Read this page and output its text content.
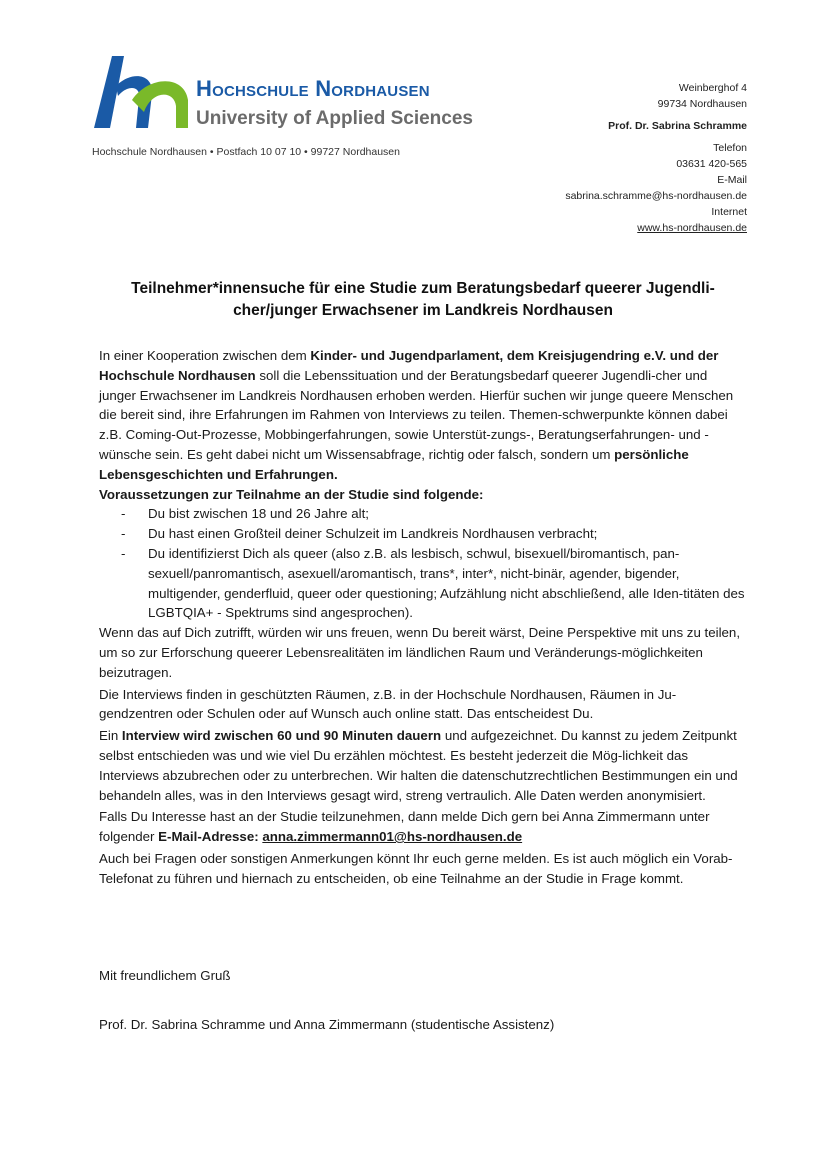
Hochschule Nordhausen
University of Applied Sciences
Hochschule Nordhausen • Postfach 10 07 10 • 99727 Nordhausen
Weinberghof 4
99734 Nordhausen
Prof. Dr. Sabrina Schramme
Telefon
03631 420-565
E-Mail
sabrina.schramme@hs-nordhausen.de
Internet
www.hs-nordhausen.de
Teilnehmer*innensuche für eine Studie zum Beratungsbedarf queerer Jugendli-
cher/junger Erwachsener im Landkreis Nordhausen

In einer Kooperation zwischen dem Kinder- und Jugendparlament, dem Kreisjugendring e.V. und der Hochschule Nordhausen soll die Lebenssituation und der Beratungsbedarf queerer Jugendli-cher und junger Erwachsener im Landkreis Nordhausen erhoben werden. Hierfür suchen wir junge queere Menschen die bereit sind, ihre Erfahrungen im Rahmen von Interviews zu teilen. Themen-schwerpunkte können dabei z.B. Coming-Out-Prozesse, Mobbingerfahrungen, sowie Unterstüt-zungs-, Beratungserfahrungen- und -wünsche sein. Es geht dabei nicht um Wissensabfrage, richtig oder falsch, sondern um persönliche Lebensgeschichten und Erfahrungen.

Voraussetzungen zur Teilnahme an der Studie sind folgende:

- Du bist zwischen 18 und 26 Jahre alt;
- Du hast einen Großteil deiner Schulzeit im Landkreis Nordhausen verbracht;
- Du identifizierst Dich als queer (also z.B. als lesbisch, schwul, bisexuell/biromantisch, pan-sexuell/panromantisch, asexuell/aromantisch, trans*, inter*, nicht-binär, agender, bigender, multigender, genderfluid, queer oder questioning; Aufzählung nicht abschließend, alle Iden-titäten des LGBTQIA+ - Spektrums sind angesprochen).

Wenn das auf Dich zutrifft, würden wir uns freuen, wenn Du bereit wärst, Deine Perspektive mit uns zu teilen, um so zur Erforschung queerer Lebensrealitäten im ländlichen Raum und Veränderungs-möglichkeiten beizutragen.

Die Interviews finden in geschützten Räumen, z.B. in der Hochschule Nordhausen, Räumen in Ju-gendzentren oder Schulen oder auf Wunsch auch online statt. Das entscheidest Du.

Ein Interview wird zwischen 60 und 90 Minuten dauern und aufgezeichnet. Du kannst zu jedem Zeitpunkt selbst entschieden was und wie viel Du erzählen möchtest. Es besteht jederzeit die Mög-lichkeit das Interviews abzubrechen oder zu unterbrechen. Wir halten die datenschutzrechtlichen Bestimmungen ein und behandeln alles, was in den Interviews gesagt wird, streng vertraulich. Alle Daten werden anonymisiert.

Falls Du Interesse hast an der Studie teilzunehmen, dann melde Dich gern bei Anna Zimmermann unter folgender E-Mail-Adresse: anna.zimmermann01@hs-nordhausen.de

Auch bei Fragen oder sonstigen Anmerkungen könnt Ihr euch gerne melden. Es ist auch möglich ein Vorab-Telefonat zu führen und hiernach zu entscheiden, ob eine Teilnahme an der Studie in Frage kommt.

Mit freundlichem Gruß
Prof. Dr. Sabrina Schramme und Anna Zimmermann (studentische Assistenz)
